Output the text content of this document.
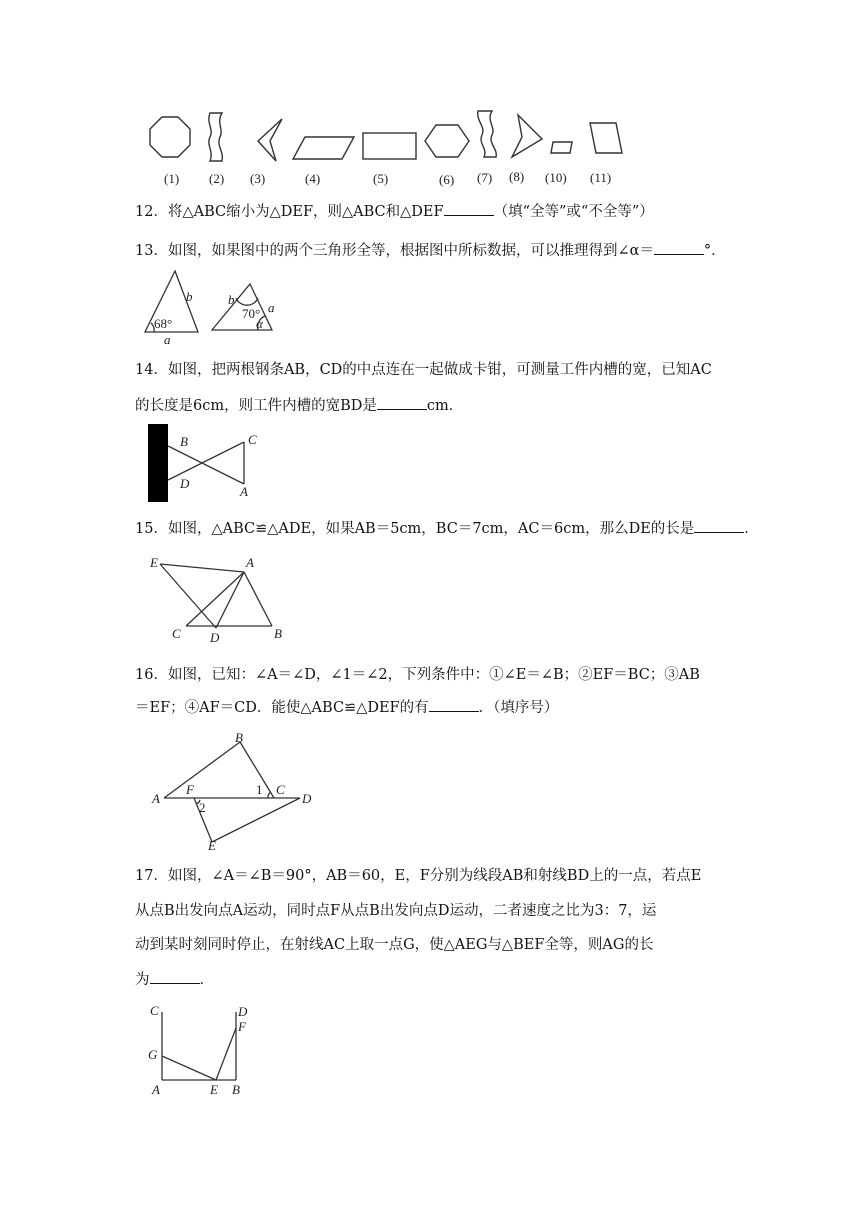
(1) (2) (3)	(4)	(5)	(6) (7) (8) (10) (11)
12．将△ABC缩小为△DEF，则△ABC和△DEF	（填“全等”或“不全等”）
13．如图，如果图中的两个三角形全等，根据图中所标数据，可以推理得到∠α＝	°．
b
68°
a
b
70° a
α
14．如图，把两根钢条AB，CD的中点连在一起做成卡钳，可测量工件内槽的宽，已知AC
的长度是6cm，则工件内槽的宽BD是	cm．
B	C
D
A
15．如图，△ABC≌△ADE，如果AB＝5cm，BC＝7cm，AC＝6cm，那么DE的长是	．
E	A
C D	B
16．如图，已知：∠A＝∠D，∠1＝∠2，下列条件中：①∠E＝∠B；②EF＝BC；③AB
＝EF；④AF＝CD．能使△ABC≌△DEF的有	．（填序号）
B
A
F	1 C
D
2
E
17．如图，∠A＝∠B＝90°，AB＝60，E，F分别为线段AB和射线BD上的一点，若点E
从点B出发向点A运动，同时点F从点B出发向点D运动，二者速度之比为3：7，运
动到某时刻同时停止，在射线AC上取一点G，使△AEG与△BEF全等，则AG的长
为	．
C	D
F
G
A	E B
